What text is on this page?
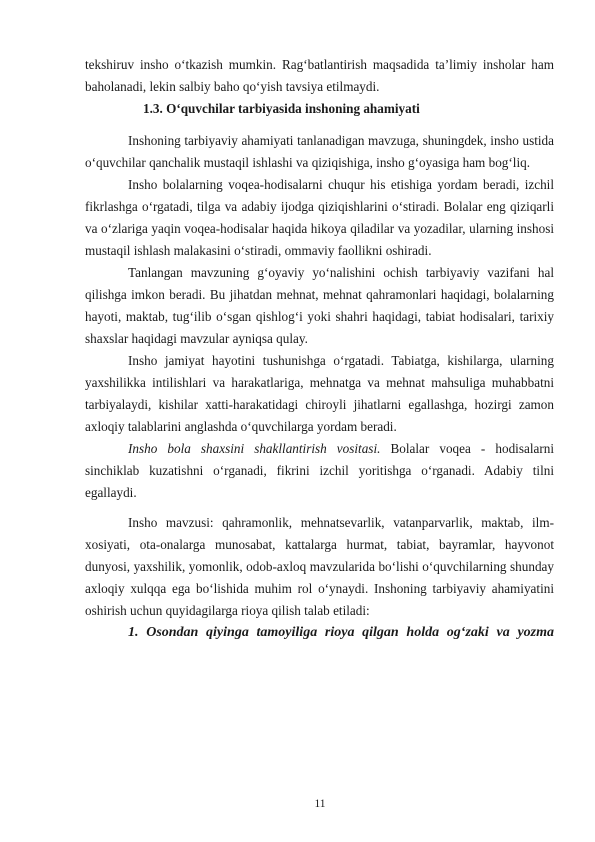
tekshiruv insho o‘tkazish mumkin. Rag‘batlantirish maqsadida ta’limiy insholar ham baholanadi, lekin salbiy baho qo‘yish tavsiya etilmaydi.

1.3. O‘quvchilar tarbiyasida inshoning ahamiyati

Inshoning tarbiyaviy ahamiyati tanlanadigan mavzuga, shuningdek, insho ustida o‘quvchilar qanchalik mustaqil ishlashi va qiziqishiga, insho g‘oyasiga ham bog‘liq.

Insho bolalarning voqea-hodisalarni chuqur his etishiga yordam beradi, izchil fikrlashga o‘rgatadi, tilga va adabiy ijodga qiziqishlarini o‘stiradi. Bolalar eng qiziqarli va o‘zlariga yaqin voqea-hodisalar haqida hikoya qiladilar va yozadilar, ularning inshosi mustaqil ishlash malakasini o‘stiradi, ommaviy faollikni oshiradi.

Tanlangan mavzuning g‘oyaviy yo‘nalishini ochish tarbiyaviy vazifani hal qilishga imkon beradi. Bu jihatdan mehnat, mehnat qahramonlari haqidagi, bolalarning hayoti, maktab, tug‘ilib o‘sgan qishlog‘i yoki shahri haqidagi, tabiat hodisalari, tarixiy shaxslar haqidagi mavzular ayniqsa qulay.

Insho jamiyat hayotini tushunishga o‘rgatadi. Tabiatga, kishilarga, ularning yaxshilikka intilishlari va harakatlariga, mehnatga va mehnat mahsuliga muhabbatni tarbiyalaydi, kishilar xatti-harakatidagi chiroyli jihatlarni egallashga, hozirgi zamon axloqiy talablarini anglashda o‘quvchilarga yordam beradi.

Insho bola shaxsini shakllantirish vositasi. Bolalar voqea - hodisalarni sinchiklab kuzatishni o‘rganadi, fikrini izchil yoritishga o‘rganadi. Adabiy tilni egallaydi.

Insho mavzusi: qahramonlik, mehnatsevarlik, vatanparvarlik, maktab, ilm-xosiyati, ota-onalarga munosabat, kattalarga hurmat, tabiat, bayramlar, hayvonot dunyosi, yaxshilik, yomonlik, odob-axloq mavzularida bo‘lishi o‘quvchilarning shunday axloqiy xulqqa ega bo‘lishida muhim rol o‘ynaydi. Inshoning tarbiyaviy ahamiyatini oshirish uchun quyidagilarga rioya qilish talab etiladi:

1. Osondan qiyinga tamoyiliga rioya qilgan holda og‘zaki va yozma

11
